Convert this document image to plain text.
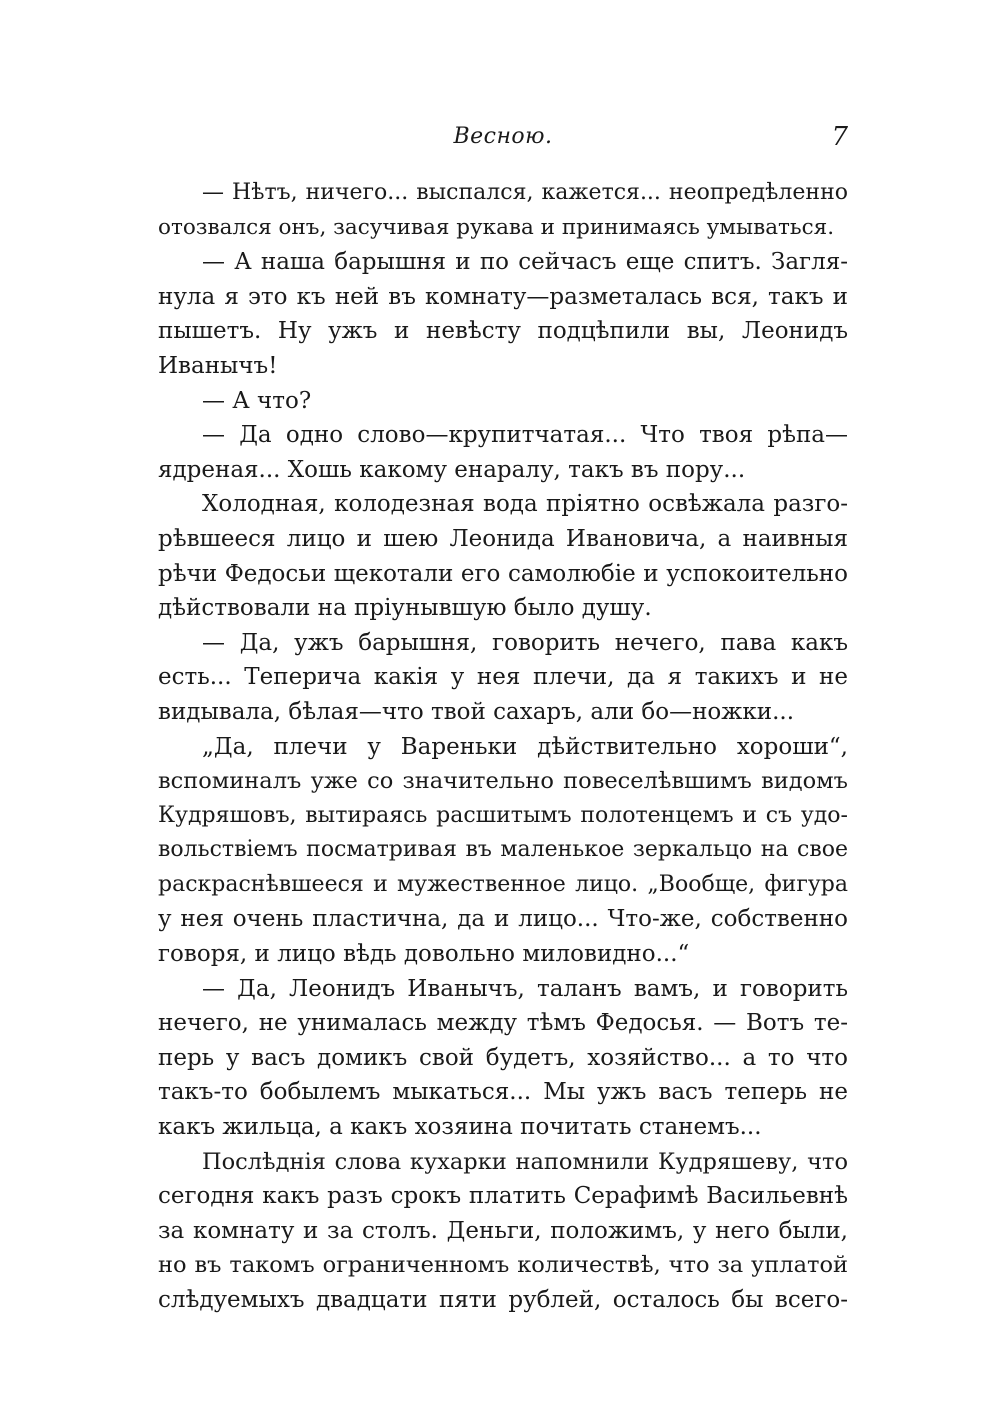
Весною.	7
— Нѣтъ, ничего... выспался, кажется... неопредѣленно
отозвался онъ, засучивая рукава и принимаясь умываться.
— А наша барышня и по сейчасъ еще спитъ. Загля-
нула я это къ ней въ комнату—разметалась вся, такъ и
пышетъ. Ну ужъ и невѣсту подцѣпили вы, Леонидъ
Иванычъ!
— А что?
— Да одно слово—крупитчатая... Что твоя рѣпа—
ядреная... Хошь какому енаралу, такъ въ пору...
Холодная, колодезная вода пріятно освѣжала разго-
рѣвшееся лицо и шею Леонида Ивановича, а наивныя
рѣчи Федосьи щекотали его самолюбіе и успокоительно
дѣйствовали на пріунывшую было душу.
— Да, ужъ барышня, говорить нечего, пава какъ
есть... Теперича какія у нея плечи, да я такихъ и не
видывала, бѣлая—что твой сахаръ, али бо—ножки...
„Да, плечи у Вареньки дѣйствительно хороши“,
вспоминалъ уже со значительно повеселѣвшимъ видомъ
Кудряшовъ, вытираясь расшитымъ полотенцемъ и съ удо-
вольствіемъ посматривая въ маленькое зеркальцо на свое
раскраснѣвшееся и мужественное лицо. „Вообще, фигура
у нея очень пластична, да и лицо... Что-же, собственно
говоря, и лицо вѣдь довольно миловидно...“
— Да, Леонидъ Иванычъ, таланъ вамъ, и говорить
нечего, не унималась между тѣмъ Федосья. — Вотъ те-
перь у васъ домикъ свой будетъ, хозяйство... а то что
такъ-то бобылемъ мыкаться... Мы ужъ васъ теперь не
какъ жильца, а какъ хозяина почитать станемъ...
Послѣднія слова кухарки напомнили Кудряшеву, что
сегодня какъ разъ срокъ платить Серафимѣ Васильевнѣ
за комнату и за столъ. Деньги, положимъ, у него были,
но въ такомъ ограниченномъ количествѣ, что за уплатой
слѣдуемыхъ двадцати пяти рублей, осталось бы всего-
